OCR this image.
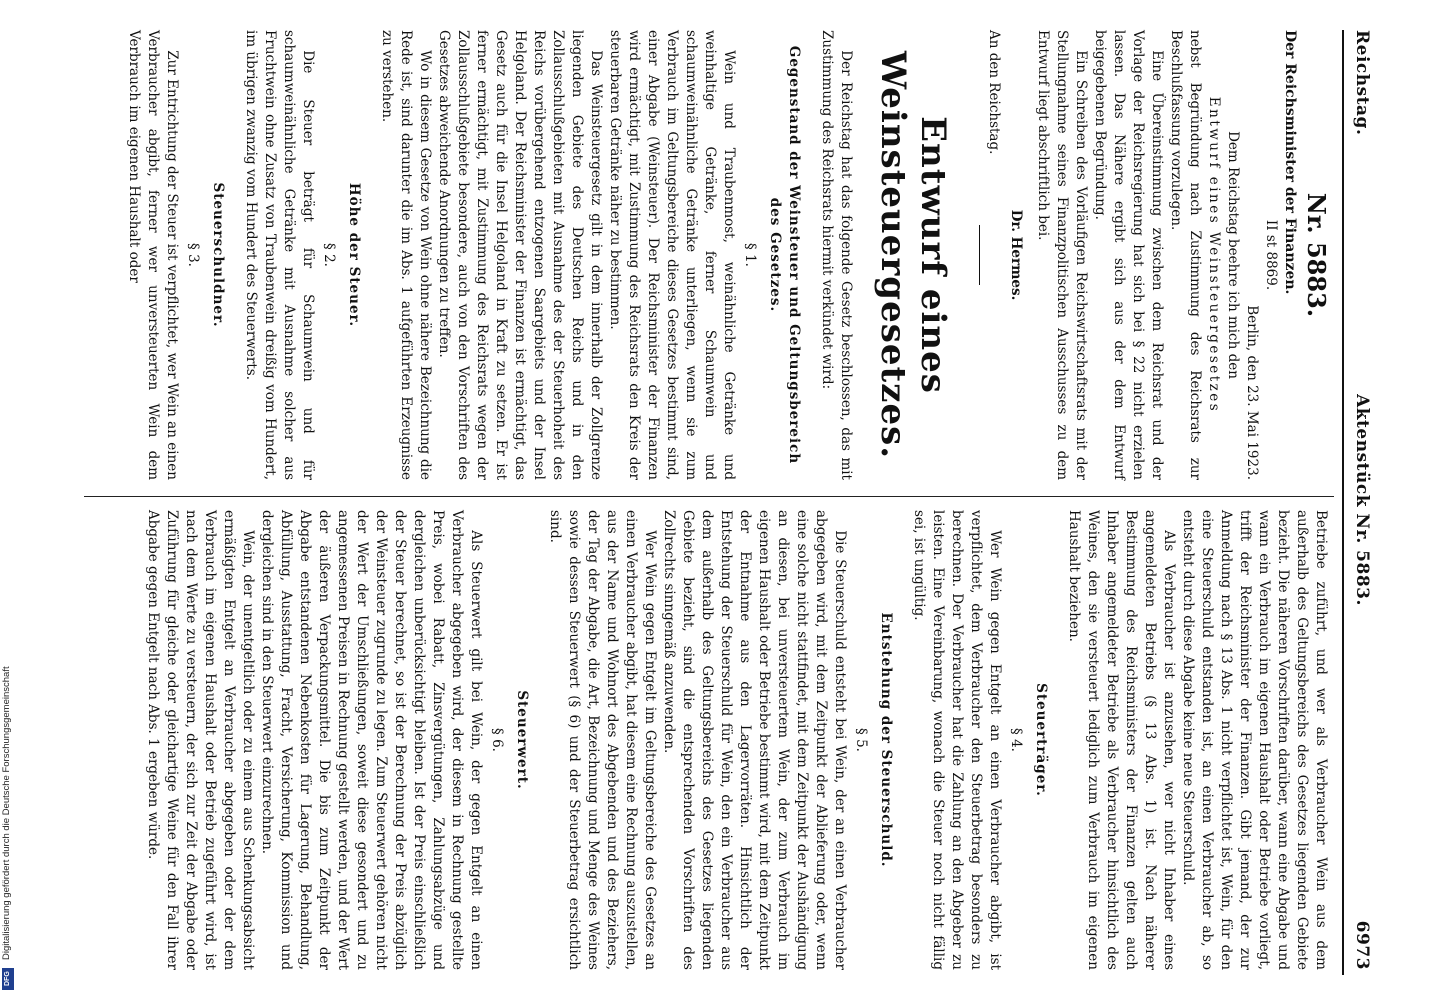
Reichstag.
Aktenstück Nr. 5883.
6973
Nr. 5883.
Der Reichsminister der Finanzen.
II st 8869.
Berlin, den 23. Mai 1923.
Dem Reichstag beehre ich mich den
Entwurf eines Weinsteuergesetzes

nebst Begründung nach Zustimmung des Reichsrats zur Beschlußfassung vorzulegen.

Eine Übereinstimmung zwischen dem Reichsrat und der Vorlage der Reichsregierung hat sich bei § 22 nicht erzielen lassen. Das Nähere ergibt sich aus der dem Entwurf beigegebenen Begründung.

Ein Schreiben des Vorläufigen Reichswirtschaftsrats mit der Stellungnahme seines Finanzpolitischen Ausschusses zu dem Entwurf liegt abschriftlich bei.

Dr. Hermes.
An den Reichstag.
Entwurf eines Weinsteuergesetzes.

Der Reichstag hat das folgende Gesetz beschlossen, das mit Zustimmung des Reichsrats hiermit verkündet wird:

Gegenstand der Weinsteuer und Geltungsbereich des Gesetzes.
§ 1.

Wein und Traubenmost, weinähnliche Getränke und weinhaltige Getränke, ferner Schaumwein und schaumweinähnliche Getränke unterliegen, wenn sie zum Verbrauch im Geltungsbereiche dieses Gesetzes bestimmt sind, einer Abgabe (Weinsteuer). Der Reichsminister der Finanzen wird ermächtigt, mit Zustimmung des Reichsrats den Kreis der steuerbaren Getränke näher zu bestimmen.

Das Weinsteuergesetz gilt in dem innerhalb der Zollgrenze liegenden Gebiete des Deutschen Reichs und in den Zollausschlußgebieten mit Ausnahme des der Steuerhoheit des Reichs vorübergehend entzogenen Saargebiets und der Insel Helgoland. Der Reichsminister der Finanzen ist ermächtigt, das Gesetz auch für die Insel Helgoland in Kraft zu setzen. Er ist ferner ermächtigt, mit Zustimmung des Reichsrats wegen der Zollausschlußgebiete besondere, auch von den Vorschriften des Gesetzes abweichende Anordnungen zu treffen.

Wo in diesem Gesetze von Wein ohne nähere Bezeichnung die Rede ist, sind darunter die im Abs. 1 aufgeführten Erzeugnisse zu verstehen.

Höhe der Steuer.
§ 2.

Die Steuer beträgt für Schaumwein und für schaumweinähnliche Getränke mit Ausnahme solcher aus Fruchtwein ohne Zusatz von Traubenwein dreißig vom Hundert, im übrigen zwanzig vom Hundert des Steuerwerts.

Steuerschuldner.
§ 3.

Zur Entrichtung der Steuer ist verpflichtet, wer Wein an einen Verbraucher abgibt, ferner wer unversteuerten Wein dem Verbrauch im eigenen Haushalt oder

Betriebe zuführt, und wer als Verbraucher Wein aus dem außerhalb des Geltungsbereichs des Gesetzes liegenden Gebiete bezieht. Die näheren Vorschriften darüber, wann eine Abgabe und wann ein Verbrauch im eigenen Haushalt oder Betriebe vorliegt, trifft der Reichsminister der Finanzen. Gibt jemand, der zur Anmeldung nach § 13 Abs. 1 nicht verpflichtet ist, Wein, für den eine Steuerschuld entstanden ist, an einen Verbraucher ab, so entsteht durch diese Abgabe keine neue Steuerschuld.

Als Verbraucher ist anzusehen, wer nicht Inhaber eines angemeldeten Betriebs (§ 13 Abs. 1) ist. Nach näherer Bestimmung des Reichsministers der Finanzen gelten auch Inhaber angemeldeter Betriebe als Verbraucher hinsichtlich des Weines, den sie versteuert lediglich zum Verbrauch im eigenen Haushalt beziehen.

Steuerträger.
§ 4.

Wer Wein gegen Entgelt an einen Verbraucher abgibt, ist verpflichtet, dem Verbraucher den Steuerbetrag besonders zu berechnen. Der Verbraucher hat die Zahlung an den Abgeber zu leisten. Eine Vereinbarung, wonach die Steuer noch nicht fällig sei, ist ungültig.

Entstehung der Steuerschuld.
§ 5.

Die Steuerschuld entsteht bei Wein, der an einen Verbraucher abgegeben wird, mit dem Zeitpunkt der Ablieferung oder, wenn eine solche nicht stattfindet, mit dem Zeitpunkt der Aushändigung an diesen, bei unversteuertem Wein, der zum Verbrauch im eigenen Haushalt oder Betriebe bestimmt wird, mit dem Zeitpunkt der Entnahme aus den Lagervorräten. Hinsichtlich der Entstehung der Steuerschuld für Wein, den ein Verbraucher aus dem außerhalb des Geltungsbereichs des Gesetzes liegenden Gebiete bezieht, sind die entsprechenden Vorschriften des Zollrechts sinngemäß anzuwenden.

Wer Wein gegen Entgelt im Geltungsbereiche des Gesetzes an einen Verbraucher abgibt, hat diesem eine Rechnung auszustellen, aus der Name und Wohnort des Abgebenden und des Beziehers, der Tag der Abgabe, die Art, Bezeichnung und Menge des Weines sowie dessen Steuerwert (§ 6) und der Steuerbetrag ersichtlich sind.

Steuerwert.
§ 6.

Als Steuerwert gilt bei Wein, der gegen Entgelt an einen Verbraucher abgegeben wird, der diesem in Rechnung gestellte Preis, wobei Rabatt, Zinsvergütungen, Zahlungsabzüge und dergleichen unberücksichtigt bleiben. Ist der Preis einschließlich der Steuer berechnet, so ist der Berechnung der Preis abzüglich der Weinsteuer zugrunde zu legen. Zum Steuerwert gehören nicht der Wert der Umschließungen, soweit diese gesondert und zu angemessenen Preisen in Rechnung gestellt werden, und der Wert der äußeren Verpackungsmittel. Die bis zum Zeitpunkt der Abgabe entstandenen Nebenkosten für Lagerung, Behandlung, Abfüllung, Ausstattung, Fracht, Versicherung, Kommission und dergleichen sind in den Steuerwert einzurechnen.

Wein, der unentgeltlich oder zu einem aus Schenkungsabsicht ermäßigten Entgelt an Verbraucher abgegeben oder der dem Verbrauch im eigenen Haushalt oder Betrieb zugeführt wird, ist nach dem Werte zu versteuern, der sich zur Zeit der Abgabe oder Zuführung für gleiche oder gleichartige Weine für den Fall ihrer Abgabe gegen Entgelt nach Abs. 1 ergeben würde.

Digitalisierung gefördert durch die Deutsche Forschungsgemeinschaft
DFG
